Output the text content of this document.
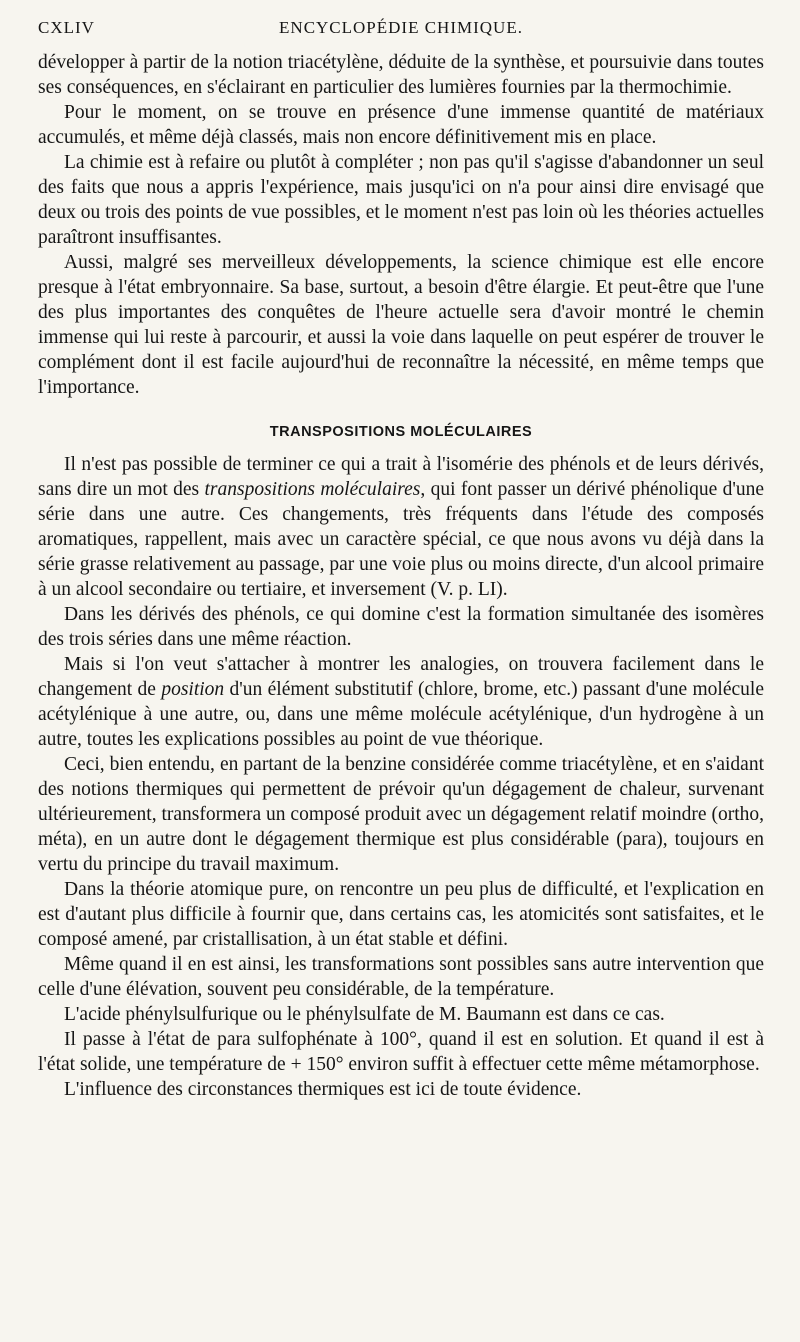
CXLIV	ENCYCLOPÉDIE CHIMIQUE.

développer à partir de la notion triacétylène, déduite de la synthèse, et poursuivie dans toutes ses conséquences, en s'éclairant en particulier des lumières fournies par la thermochimie.

Pour le moment, on se trouve en présence d'une immense quantité de matériaux accumulés, et même déjà classés, mais non encore définitivement mis en place.

La chimie est à refaire ou plutôt à compléter ; non pas qu'il s'agisse d'abandonner un seul des faits que nous a appris l'expérience, mais jusqu'ici on n'a pour ainsi dire envisagé que deux ou trois des points de vue possibles, et le moment n'est pas loin où les théories actuelles paraîtront insuffisantes.

Aussi, malgré ses merveilleux développements, la science chimique est elle encore presque à l'état embryonnaire. Sa base, surtout, a besoin d'être élargie. Et peut-être que l'une des plus importantes des conquêtes de l'heure actuelle sera d'avoir montré le chemin immense qui lui reste à parcourir, et aussi la voie dans laquelle on peut espérer de trouver le complément dont il est facile aujourd'hui de reconnaître la nécessité, en même temps que l'importance.

TRANSPOSITIONS MOLÉCULAIRES

Il n'est pas possible de terminer ce qui a trait à l'isomérie des phénols et de leurs dérivés, sans dire un mot des transpositions moléculaires, qui font passer un dérivé phénolique d'une série dans une autre. Ces changements, très fréquents dans l'étude des composés aromatiques, rappellent, mais avec un caractère spécial, ce que nous avons vu déjà dans la série grasse relativement au passage, par une voie plus ou moins directe, d'un alcool primaire à un alcool secondaire ou tertiaire, et inversement (V. p. LI).

Dans les dérivés des phénols, ce qui domine c'est la formation simultanée des isomères des trois séries dans une même réaction.

Mais si l'on veut s'attacher à montrer les analogies, on trouvera facilement dans le changement de position d'un élément substitutif (chlore, brome, etc.) passant d'une molécule acétylénique à une autre, ou, dans une même molécule acétylénique, d'un hydrogène à un autre, toutes les explications possibles au point de vue théorique.

Ceci, bien entendu, en partant de la benzine considérée comme triacétylène, et en s'aidant des notions thermiques qui permettent de prévoir qu'un dégagement de chaleur, survenant ultérieurement, transformera un composé produit avec un dégagement relatif moindre (ortho, méta), en un autre dont le dégagement thermique est plus considérable (para), toujours en vertu du principe du travail maximum.

Dans la théorie atomique pure, on rencontre un peu plus de difficulté, et l'explication en est d'autant plus difficile à fournir que, dans certains cas, les atomicités sont satisfaites, et le composé amené, par cristallisation, à un état stable et défini.

Même quand il en est ainsi, les transformations sont possibles sans autre intervention que celle d'une élévation, souvent peu considérable, de la température.

L'acide phénylsulfurique ou le phénylsulfate de M. Baumann est dans ce cas.

Il passe à l'état de para sulfophénate à 100°, quand il est en solution. Et quand il est à l'état solide, une température de + 150° environ suffit à effectuer cette même métamorphose.

L'influence des circonstances thermiques est ici de toute évidence.
